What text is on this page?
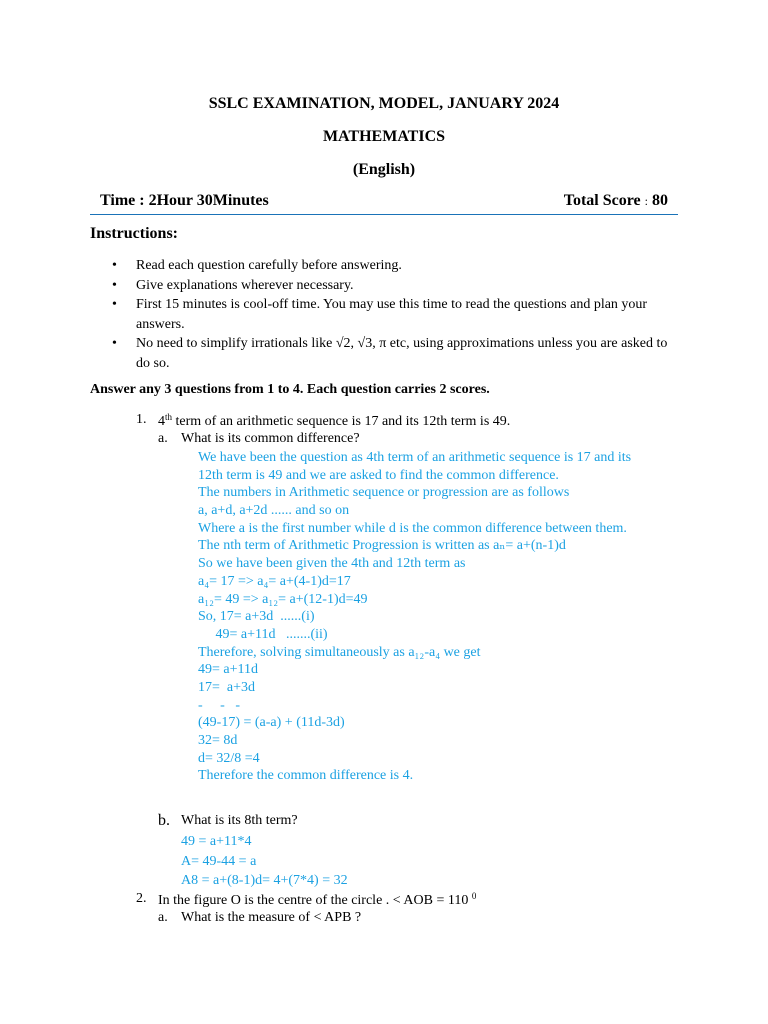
SSLC EXAMINATION, MODEL, JANUARY 2024
MATHEMATICS
(English)
Time : 2Hour 30Minutes	Total Score : 80
Instructions:
• Read each question carefully before answering.
• Give explanations wherever necessary.
• First 15 minutes is cool-off time. You may use this time to read the questions and plan your answers.
• No need to simplify irrationals like √2, √3, π etc, using approximations unless you are asked to do so.
Answer any 3 questions from 1 to 4. Each question carries 2 scores.
1. 4th term of an arithmetic sequence is 17 and its 12th term is 49.
a. What is its common difference?
We have been the question as 4th term of an arithmetic sequence is 17 and its
12th term is 49 and we are asked to find the common difference.
The numbers in Arithmetic sequence or progression are as follows
a, a+d, a+2d ...... and so on
Where a is the first number while d is the common difference between them.
The nth term of Arithmetic Progression is written as aₙ= a+(n-1)d
So we have been given the 4th and 12th term as
a₄= 17 => a₄= a+(4-1)d=17
a₁₂= 49 => a₁₂= a+(12-1)d=49
So, 17= a+3d  ......(i)
49= a+11d   .......(ii)
Therefore, solving simultaneously as a₁₂-a₄ we get
49= a+11d
17=  a+3d
-     -   -
(49-17) = (a-a) + (11d-3d)
32= 8d
d= 32/8 =4
Therefore the common difference is 4.
b. What is its 8th term?
49 = a+11*4
A= 49-44 = a
A8 = a+(8-1)d= 4+(7*4) = 32
2. In the figure O is the centre of the circle . < AOB = 110 $^0$
a. What is the measure of < APB ?
